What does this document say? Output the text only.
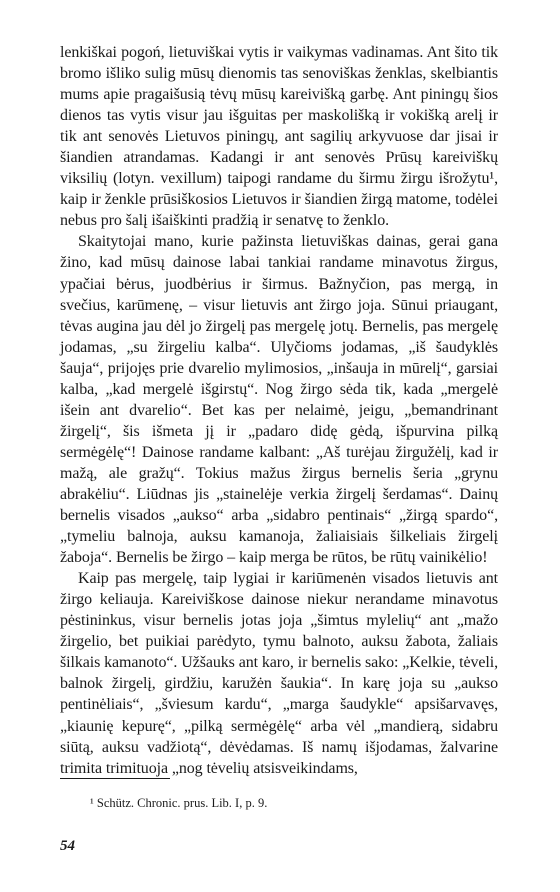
lenkiškai pogoń, lietuviškai vytis ir vaikymas vadinamas. Ant šito tik bromo išliko sulig mūsų dienomis tas senoviškas ženklas, skelbiantis mums apie pragaišusią tėvų mūsų kareivišką garbę. Ant piningų šios dienos tas vytis visur jau išguitas per maskolišką ir vokišką arelį ir tik ant senovės Lietuvos piningų, ant sagilių arkyvuose dar jisai ir šiandien atrandamas. Kadangi ir ant senovės Prūsų kareiviškų viksilių (lotyn. vexillum) taipogi randame du širmu žirgu išrožytu¹, kaip ir ženkle prūsiškosios Lietuvos ir šiandien žirgą matome, todėlei nebus pro šalį išaiškinti pradžią ir senatvę to ženklo.

Skaitytojai mano, kurie pažinsta lietuviškas dainas, gerai gana žino, kad mūsų dainose labai tankiai randame minavotus žirgus, ypačiai bėrus, juodbėrius ir širmus. Bažnyčion, pas mergą, in svečius, karūmenę, – visur lietuvis ant žirgo joja. Sūnui priaugant, tėvas augina jau dėl jo žirgelį pas mergelę jotų. Bernelis, pas mergelę jodamas, „su žirgeliu kalba“. Ulyčioms jodamas, „iš šaudyklės šauja“, prijojęs prie dvarelio mylimosios, „inšauja in mūrelį“, garsiai kalba, „kad mergelė išgirstų“. Nog žirgo sėda tik, kada „mergelė išein ant dvarelio“. Bet kas per nelaimė, jeigu, „bemandrinant žirgelį“, šis išmeta jį ir „padaro didę gėdą, išpurvina pilką sermėgėlę“! Dainose randame kalbant: „Aš turėjau žirgužėlį, kad ir mažą, ale gražų“. Tokius mažus žirgus bernelis šeria „grynu abrakėliu“. Liūdnas jis „stainelėje verkia žirgelį šerdamas“. Dainų bernelis visados „aukso“ arba „sidabro pentinais“ „žirgą spardo“, „tymeliu balnoja, auksu kamanoja, žaliaisiais šilkeliais žirgelį žaboja“. Bernelis be žirgo – kaip merga be rūtos, be rūtų vainikėlio!

Kaip pas mergelę, taip lygiai ir kariūmenėn visados lietuvis ant žirgo keliauja. Kareiviškose dainose niekur nerandame minavotus pėstininkus, visur bernelis jotas joja „šimtus mylelių“ ant „mažo žirgelio, bet puikiai parėdyto, tymu balnoto, auksu žabota, žaliais šilkais kamanoto“. Užšauks ant karo, ir bernelis sako: „Kelkie, tėveli, balnok žirgelį, girdžiu, karužėn šaukia“. In karę joja su „aukso pentinėliais“, „šviesum kardu“, „marga šaudykle“ apsišarvavęs, „kiaunię kepurę“, „pilką sermėgėlę“ arba vėl „mandierą, sidabru siūtą, auksu vadžiotą“, dėvėdamas. Iš namų išjodamas, žalvarine trimita trimituoja „nog tėvelių atsisveikindams,

¹ Schütz. Chronic. prus. Lib. I, p. 9.
54
